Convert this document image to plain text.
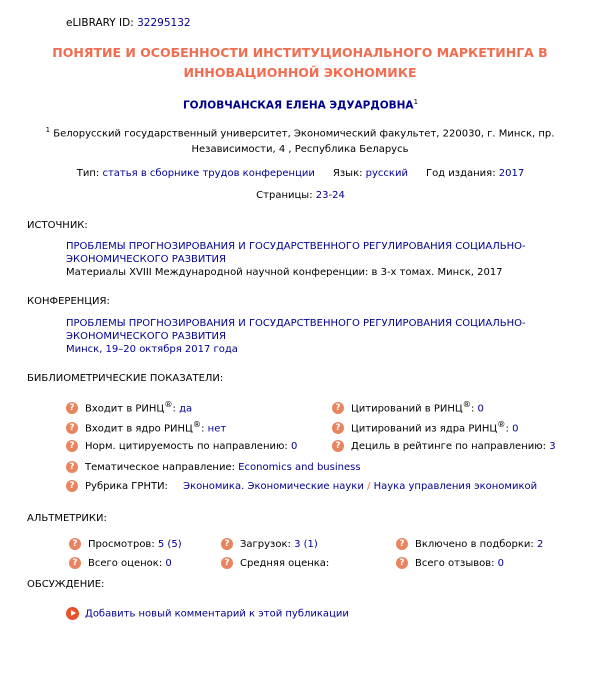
eLIBRARY ID: 32295132
ПОНЯТИЕ И ОСОБЕННОСТИ ИНСТИТУЦИОНАЛЬНОГО МАРКЕТИНГА В ИННОВАЦИОННОЙ ЭКОНОМИКЕ
ГОЛОВЧАНСКАЯ ЕЛЕНА ЭДУАРДОВНА$^1$
$^1$ Белорусский государственный университет, Экономический факультет, 220030, г. Минск, пр. Независимости, 4 , Республика Беларусь
Тип: статья в сборнике трудов конференции Язык: русский Год издания: 2017
Страницы: 23-24
ИСТОЧНИК:
ПРОБЛЕМЫ ПРОГНОЗИРОВАНИЯ И ГОСУДАРСТВЕННОГО РЕГУЛИРОВАНИЯ СОЦИАЛЬНО-ЭКОНОМИЧЕСКОГО РАЗВИТИЯ
Материалы XVIII Международной научной конференции: в 3-х томах. Минск, 2017
КОНФЕРЕНЦИЯ:
ПРОБЛЕМЫ ПРОГНОЗИРОВАНИЯ И ГОСУДАРСТВЕННОГО РЕГУЛИРОВАНИЯ СОЦИАЛЬНО-ЭКОНОМИЧЕСКОГО РАЗВИТИЯ
Минск, 19–20 октября 2017 года
БИБЛИОМЕТРИЧЕСКИЕ ПОКАЗАТЕЛИ:
? Входит в РИНЦ®: да	? Цитирований в РИНЦ®: 0
? Входит в ядро РИНЦ®: нет	? Цитирований из ядра РИНЦ®: 0
? Норм. цитируемость по направлению: 0	? Дециль в рейтинге по направлению: 3
? Тематическое направление: Economics and business
? Рубрика ГРНТИ: Экономика. Экономические науки / Наука управления экономикой
АЛЬТМЕТРИКИ:
? Просмотров: 5 (5)	? Загрузок: 3 (1)	? Включено в подборки: 2
? Всего оценок: 0	? Средняя оценка:	? Всего отзывов: 0
ОБСУЖДЕНИЕ:
Добавить новый комментарий к этой публикации
